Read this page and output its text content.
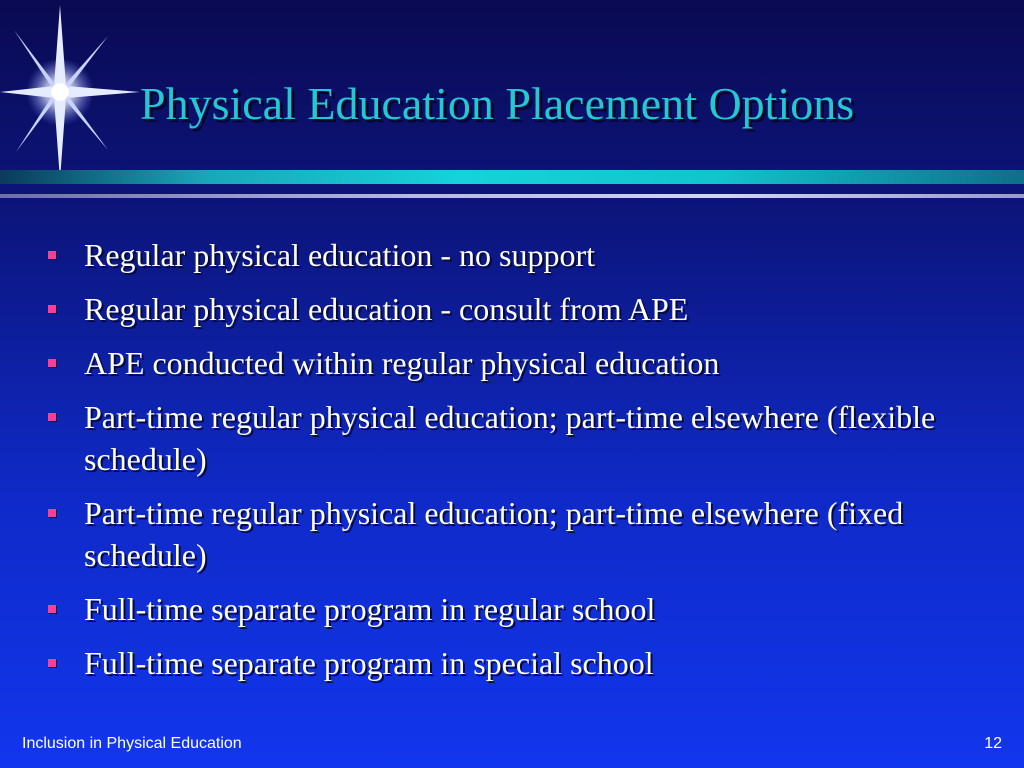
Physical Education Placement Options
Regular physical education - no support
Regular physical education - consult from APE
APE conducted within regular physical education
Part-time regular physical education; part-time elsewhere (flexible schedule)
Part-time regular physical education; part-time elsewhere (fixed schedule)
Full-time separate program in regular school
Full-time separate program in special school
Inclusion in Physical Education	12
